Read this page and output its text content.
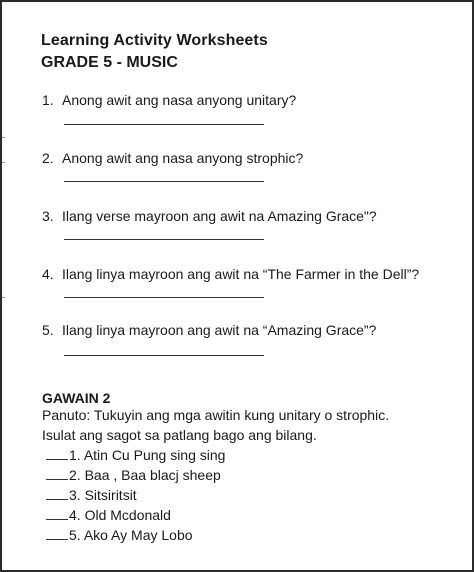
Learning Activity Worksheets
GRADE 5 - MUSIC
1. Anong awit ang nasa anyong unitary?
2. Anong awit ang nasa anyong strophic?
3. Ilang verse mayroon ang awit na Amazing Grace"?
4. Ilang linya mayroon ang awit na “The Farmer in the Dell”?
5. Ilang linya mayroon ang awit na “Amazing Grace”?
GAWAIN 2
Panuto: Tukuyin ang mga awitin kung unitary o strophic.
Isulat ang sagot sa patlang bago ang bilang.
1. Atin Cu Pung sing sing
2. Baa , Baa blacj sheep
3. Sitsiritsit
4. Old Mcdonald
5. Ako Ay May Lobo
